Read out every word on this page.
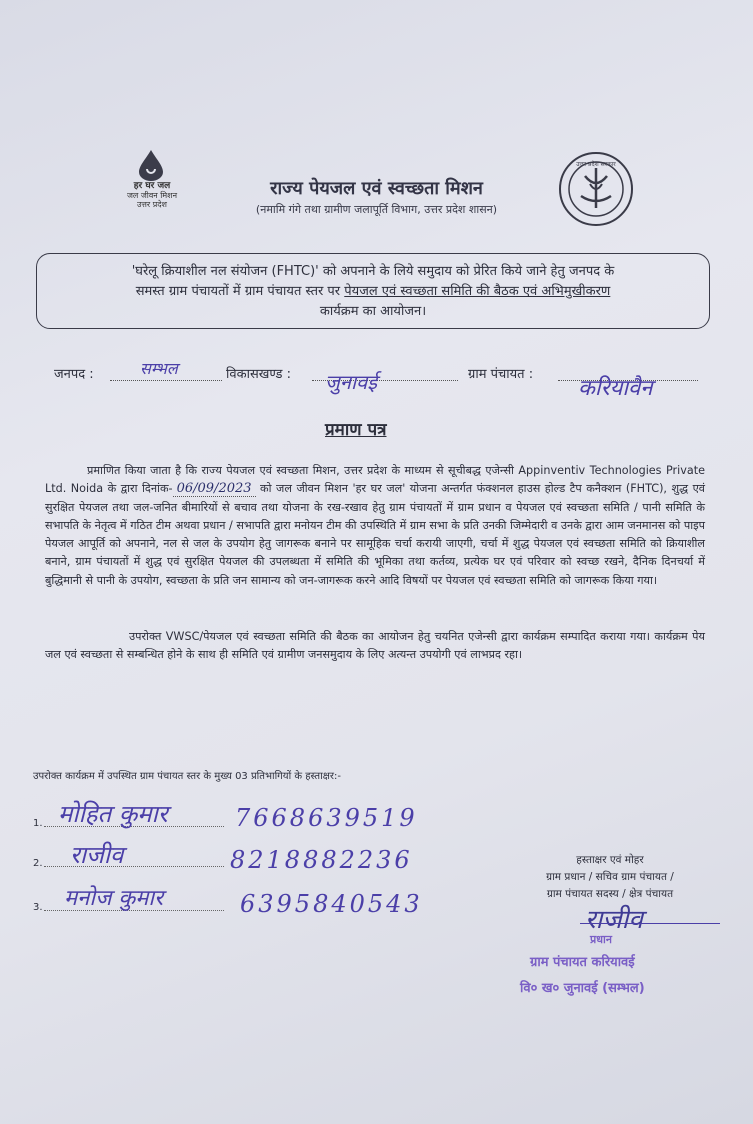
हर घर जल
जल जीवन मिशन
उत्तर प्रदेश
राज्य पेयजल एवं स्वच्छता मिशन
(नमामि गंगे तथा ग्रामीण जलापूर्ति विभाग, उत्तर प्रदेश शासन)
उत्तर प्रदेश सरकार
'घरेलू क्रियाशील नल संयोजन (FHTC)' को अपनाने के लिये समुदाय को प्रेरित किये जाने हेतु जनपद के
समस्त ग्राम पंचायतों में ग्राम पंचायत स्तर पर पेयजल एवं स्वच्छता समिति की बैठक एवं अभिमुखीकरण
कार्यक्रम का आयोजन।
जनपद :	सम्भल	विकासखण्ड : जुनावई	ग्राम पंचायत :
करियावैन
प्रमाण पत्र
प्रमाणित किया जाता है कि राज्य पेयजल एवं स्वच्छता मिशन, उत्तर प्रदेश के माध्यम से सूचीबद्ध एजेन्सी Appinventiv Technologies Private Ltd. Noida के द्वारा दिनांक- 06/09/2023 को जल जीवन मिशन 'हर घर जल' योजना अन्तर्गत फंक्शनल हाउस होल्ड टैप कनैक्शन (FHTC), शुद्ध एवं सुरक्षित पेयजल तथा जल-जनित बीमारियों से बचाव तथा योजना के रख-रखाव हेतु ग्राम पंचायतों में ग्राम प्रधान व पेयजल एवं स्वच्छता समिति / पानी समिति के सभापति के नेतृत्व में गठित टीम अथवा प्रधान / सभापति द्वारा मनोयन टीम की उपस्थिति में ग्राम सभा के प्रति उनकी जिम्मेदारी व उनके द्वारा आम जनमानस को पाइप पेयजल आपूर्ति को अपनाने, नल से जल के उपयोग हेतु जागरूक बनाने पर सामूहिक चर्चा करायी जाएगी, चर्चा में शुद्ध पेयजल एवं स्वच्छता समिति को क्रियाशील बनाने, ग्राम पंचायतों में शुद्ध एवं सुरक्षित पेयजल की उपलब्धता में समिति की भूमिका तथा कर्तव्य, प्रत्येक घर एवं परिवार को स्वच्छ रखने, दैनिक दिनचर्या में बुद्धिमानी से पानी के उपयोग, स्वच्छता के प्रति जन सामान्य को जन-जागरूक करने आदि विषयों पर पेयजल एवं स्वच्छता समिति को जागरूक किया गया।
उपरोक्त VWSC/पेयजल एवं स्वच्छता समिति की बैठक का आयोजन हेतु चयनित एजेन्सी द्वारा कार्यक्रम सम्पादित कराया गया। कार्यक्रम पेय जल एवं स्वच्छता से सम्बन्धित होने के साथ ही समिति एवं ग्रामीण जनसमुदाय के लिए अत्यन्त उपयोगी एवं लाभप्रद रहा।
उपरोक्त कार्यक्रम में उपस्थित ग्राम पंचायत स्तर के मुख्य 03 प्रतिभागियों के हस्ताक्षर:-
1. मोहित कुमार	7668639519
2. राजीव	8218882236
3. मनोज कुमार	6395840543
हस्ताक्षर एवं मोहर
ग्राम प्रधान / सचिव ग्राम पंचायत /
ग्राम पंचायत सदस्य / क्षेत्र पंचायत
राजीव
प्रधान
ग्राम पंचायत करियावई
वि० ख० जुनावई (सम्भल)
